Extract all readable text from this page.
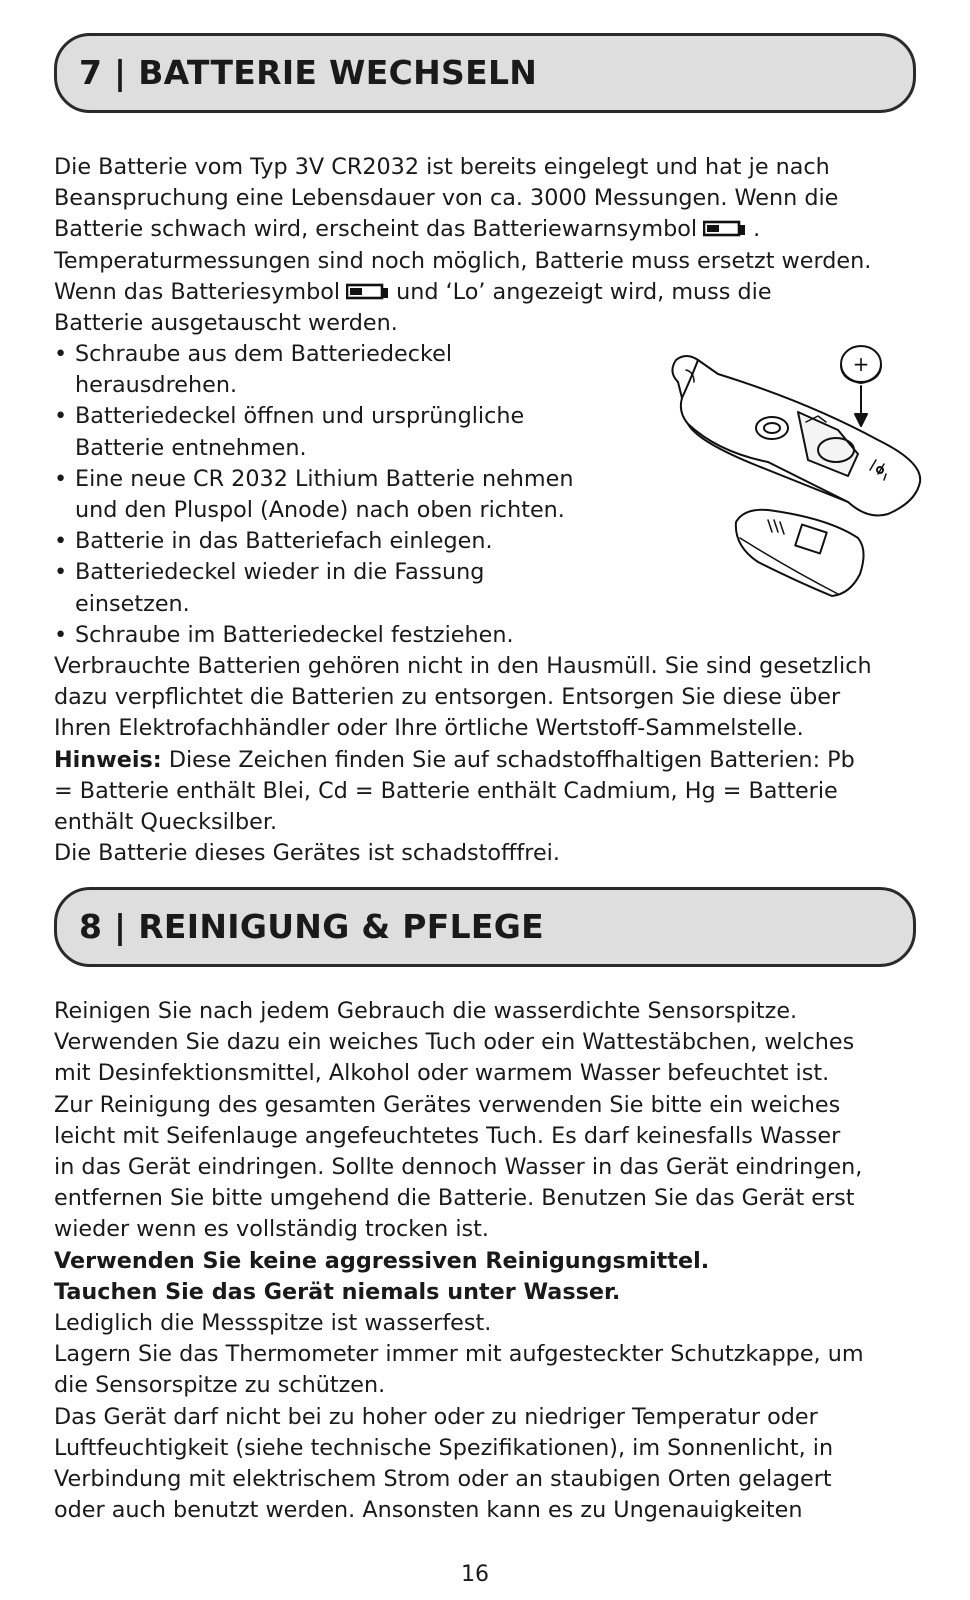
7 | BATTERIE WECHSELN

Die Batterie vom Typ 3V CR2032 ist bereits eingelegt und hat je nach

Beanspruchung eine Lebensdauer von ca. 3000 Messungen. Wenn die

Batterie schwach wird, erscheint das Batteriewarnsymbol	.

Temperaturmessungen sind noch möglich, Batterie muss ersetzt werden.

Wenn das Batteriesymbol	und ‘Lo’ angezeigt wird, muss die

Batterie ausgetauscht werden.

• Schraube aus dem Batteriedeckel
herausdrehen.
• Batteriedeckel öffnen und ursprüngliche
Batterie entnehmen.
• Eine neue CR 2032 Lithium Batterie nehmen
und den Pluspol (Anode) nach oben richten.
• Batterie in das Batteriefach einlegen.
• Batteriedeckel wieder in die Fassung
einsetzen.
• Schraube im Batteriedeckel festziehen.
+

Verbrauchte Batterien gehören nicht in den Hausmüll. Sie sind gesetzlich

dazu verpflichtet die Batterien zu entsorgen. Entsorgen Sie diese über

Ihren Elektrofachhändler oder Ihre örtliche Wertstoff-Sammelstelle.

Hinweis: Diese Zeichen finden Sie auf schadstoffhaltigen Batterien: Pb

= Batterie enthält Blei, Cd = Batterie enthält Cadmium, Hg = Batterie

enthält Quecksilber.

Die Batterie dieses Gerätes ist schadstofffrei.

8 | REINIGUNG & PFLEGE

Reinigen Sie nach jedem Gebrauch die wasserdichte Sensorspitze.

Verwenden Sie dazu ein weiches Tuch oder ein Wattestäbchen, welches

mit Desinfektionsmittel, Alkohol oder warmem Wasser befeuchtet ist.

Zur Reinigung des gesamten Gerätes verwenden Sie bitte ein weiches

leicht mit Seifenlauge angefeuchtetes Tuch. Es darf keinesfalls Wasser

in das Gerät eindringen. Sollte dennoch Wasser in das Gerät eindringen,

entfernen Sie bitte umgehend die Batterie. Benutzen Sie das Gerät erst

wieder wenn es vollständig trocken ist.

Verwenden Sie keine aggressiven Reinigungsmittel.

Tauchen Sie das Gerät niemals unter Wasser.

Lediglich die Messspitze ist wasserfest.

Lagern Sie das Thermometer immer mit aufgesteckter Schutzkappe, um

die Sensorspitze zu schützen.

Das Gerät darf nicht bei zu hoher oder zu niedriger Temperatur oder

Luftfeuchtigkeit (siehe technische Spezifikationen), im Sonnenlicht, in

Verbindung mit elektrischem Strom oder an staubigen Orten gelagert

oder auch benutzt werden. Ansonsten kann es zu Ungenauigkeiten

16
